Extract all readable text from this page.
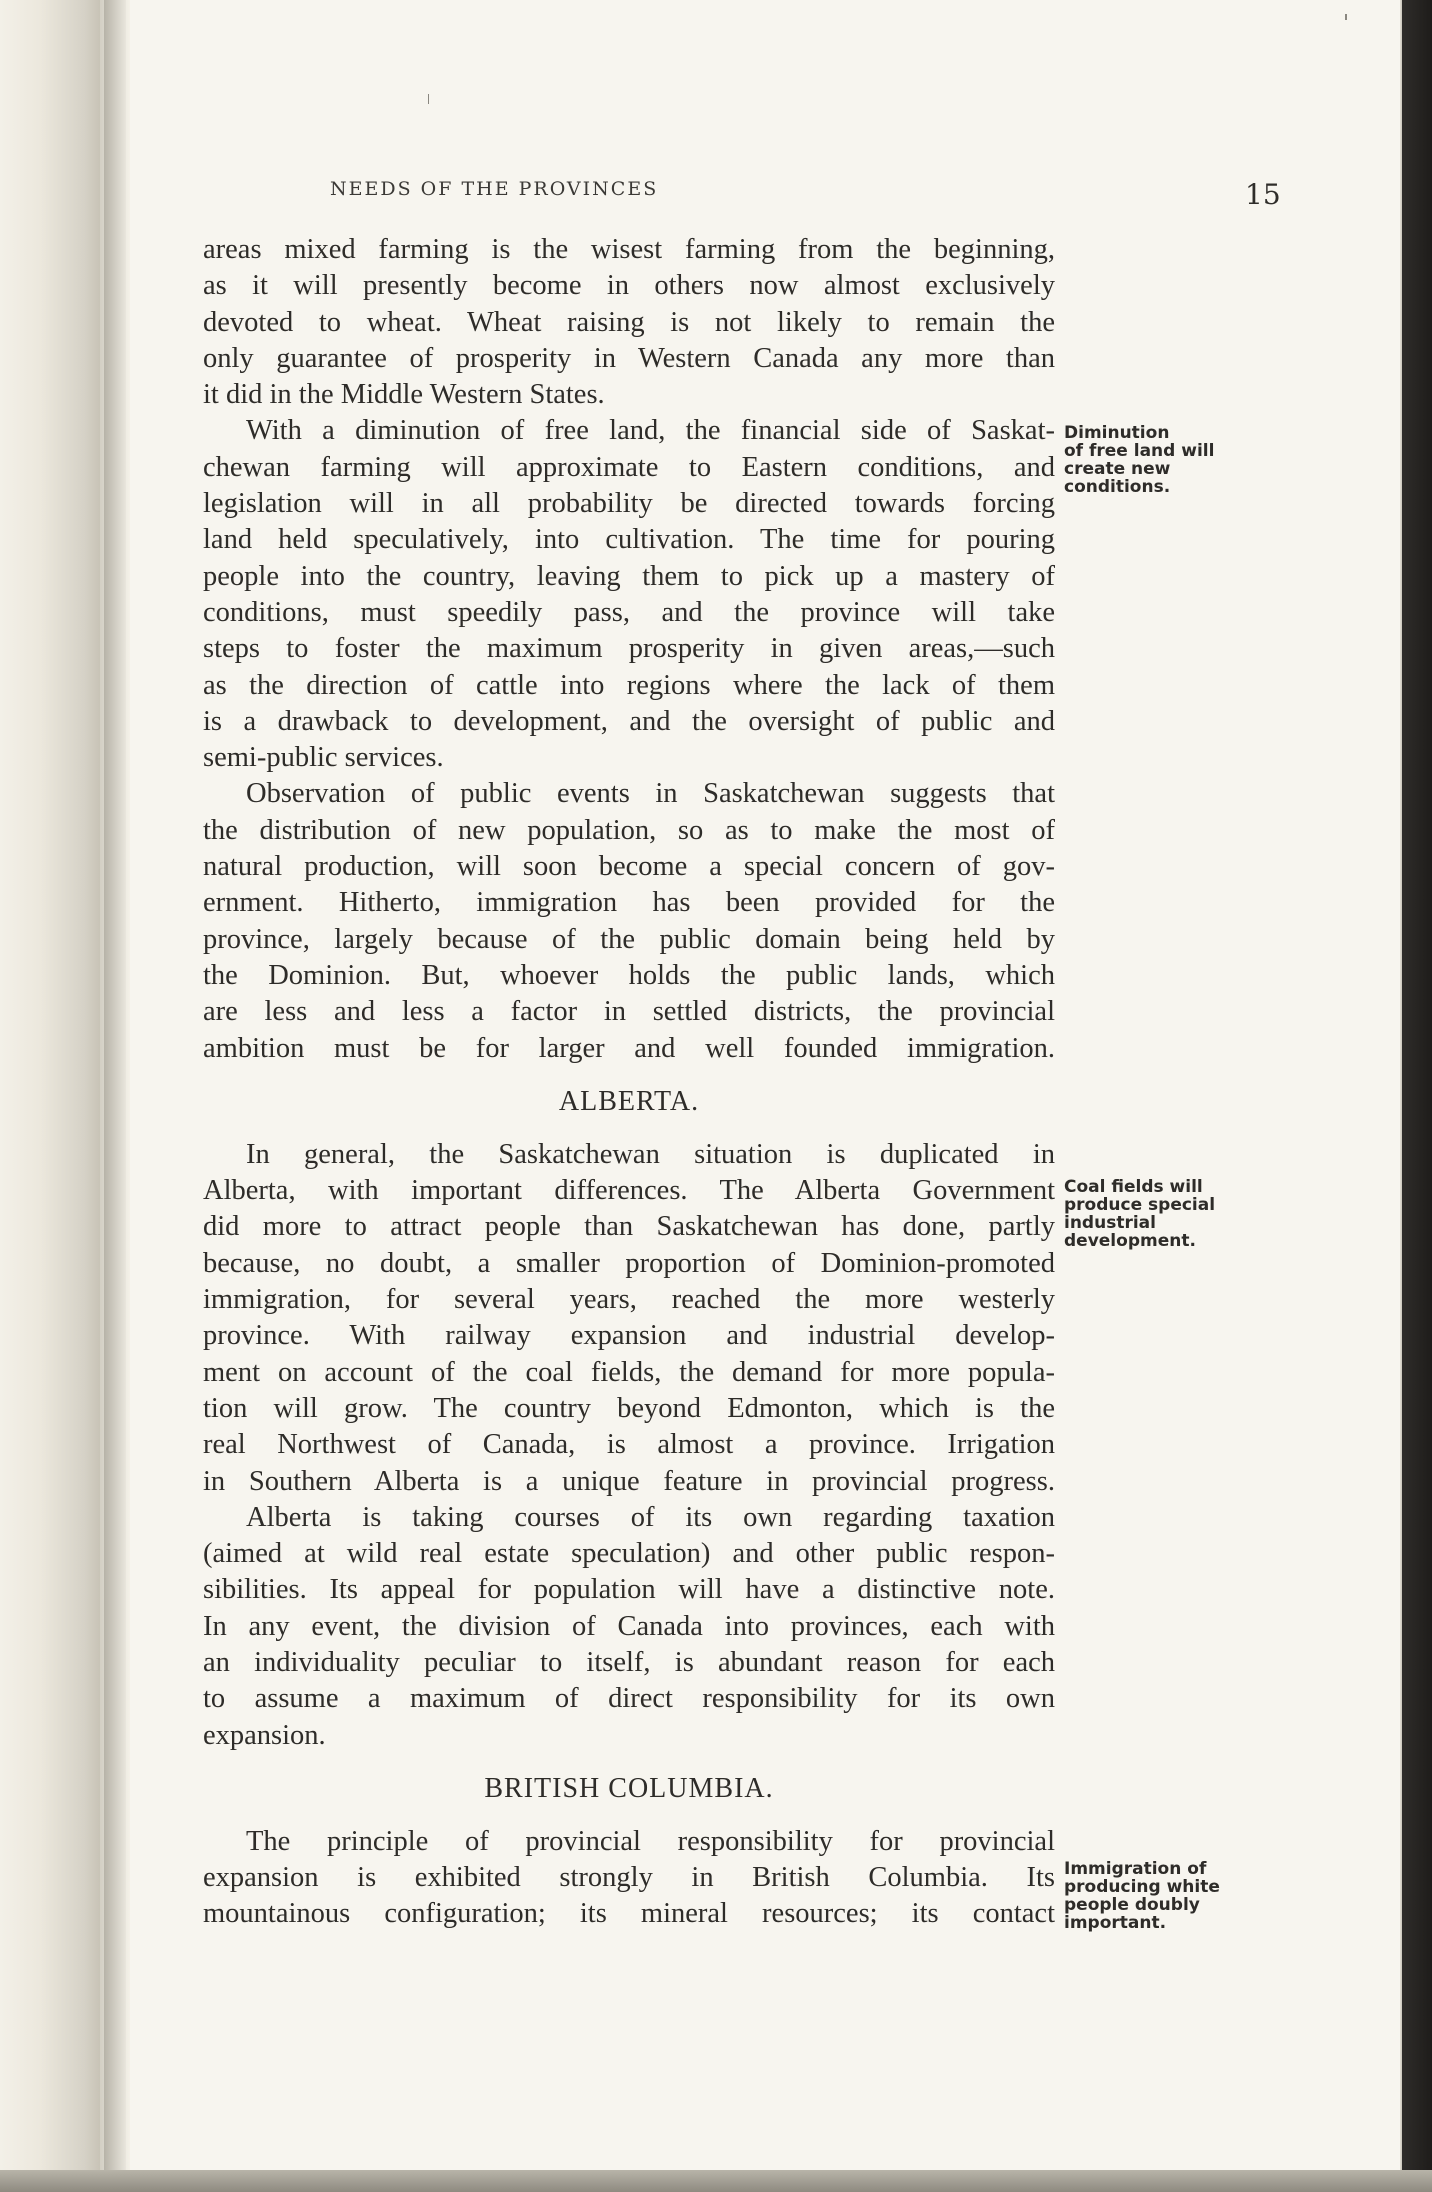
NEEDS OF THE PROVINCES	15
areas mixed farming is the wisest farming from the beginning,
as it will presently become in others now almost exclusively
devoted to wheat. Wheat raising is not likely to remain the
only guarantee of prosperity in Western Canada any more than
it did in the Middle Western States.
With a diminution of free land, the financial side of Saskat-
chewan farming will approximate to Eastern conditions, and
legislation will in all probability be directed towards forcing
land held speculatively, into cultivation. The time for pouring
people into the country, leaving them to pick up a mastery of
conditions, must speedily pass, and the province will take
steps to foster the maximum prosperity in given areas,—such
as the direction of cattle into regions where the lack of them
is a drawback to development, and the oversight of public and
semi-public services.
Observation of public events in Saskatchewan suggests that
the distribution of new population, so as to make the most of
natural production, will soon become a special concern of gov-
ernment. Hitherto, immigration has been provided for the
province, largely because of the public domain being held by
the Dominion. But, whoever holds the public lands, which
are less and less a factor in settled districts, the provincial
ambition must be for larger and well founded immigration.
ALBERTA.
In general, the Saskatchewan situation is duplicated in
Alberta, with important differences. The Alberta Government
did more to attract people than Saskatchewan has done, partly
because, no doubt, a smaller proportion of Dominion-promoted
immigration, for several years, reached the more westerly
province. With railway expansion and industrial develop-
ment on account of the coal fields, the demand for more popula-
tion will grow. The country beyond Edmonton, which is the
real Northwest of Canada, is almost a province. Irrigation
in Southern Alberta is a unique feature in provincial progress.
Alberta is taking courses of its own regarding taxation
(aimed at wild real estate speculation) and other public respon-
sibilities. Its appeal for population will have a distinctive note.
In any event, the division of Canada into provinces, each with
an individuality peculiar to itself, is abundant reason for each
to assume a maximum of direct responsibility for its own
expansion.
BRITISH COLUMBIA.
The principle of provincial responsibility for provincial
expansion is exhibited strongly in British Columbia. Its
mountainous configuration; its mineral resources; its contact
Diminution
of free land will
create new
conditions.
Coal fields will
produce special
industrial
development.
Immigration of
producing white
people doubly
important.
